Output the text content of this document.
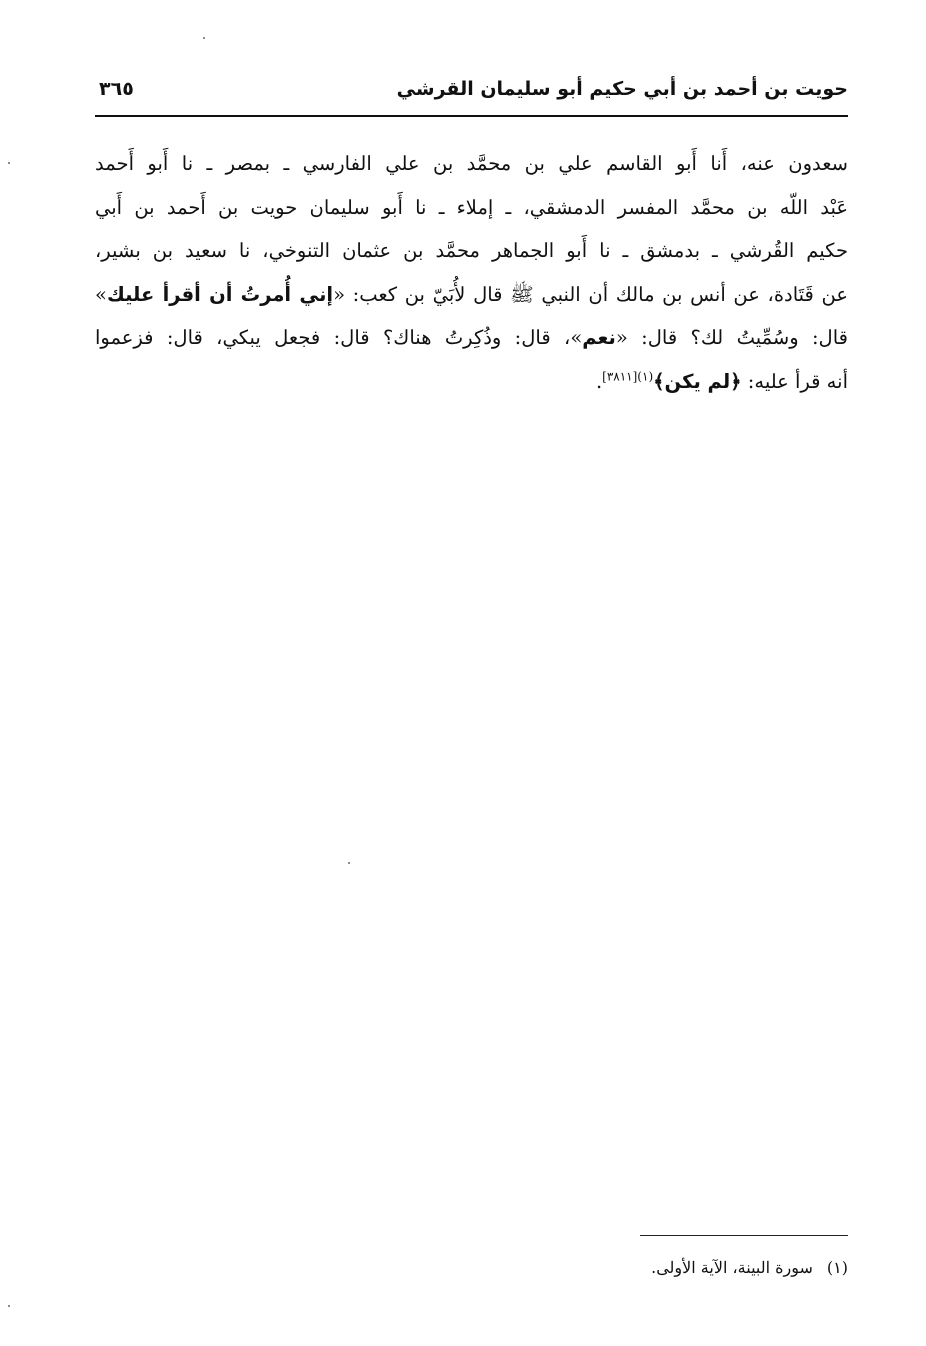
حويت بن أحمد بن أبي حكيم أبو سليمان القرشي
٣٦٥
سعدون عنه، أَنا أَبو القاسم علي بن محمَّد بن علي الفارسي ـ بمصر ـ نا أَبو أَحمد
عَبْد اللّه بن محمَّد المفسر الدمشقي، ـ إملاء ـ نا أَبو سليمان حويت بن أَحمد بن أَبي
حكيم القُرشي ـ بدمشق ـ نا أَبو الجماهر محمَّد بن عثمان التنوخي، نا سعيد بن بشير،
عن قَتَادة، عن أنس بن مالك أن النبي ﷺ قال لأُبَيّ بن كعب: «إني أُمرتُ أن أقرأ عليك»
قال: وسُمِّيتُ لك؟ قال: «نعم»، قال: وذُكِرتُ هناك؟ قال: فجعل يبكي، قال: فزعموا
أنه قرأ عليه: ﴿لم يكن﴾$^{(١)[٣٨١١]}$.
(١)سورة البينة، الآية الأولى.
